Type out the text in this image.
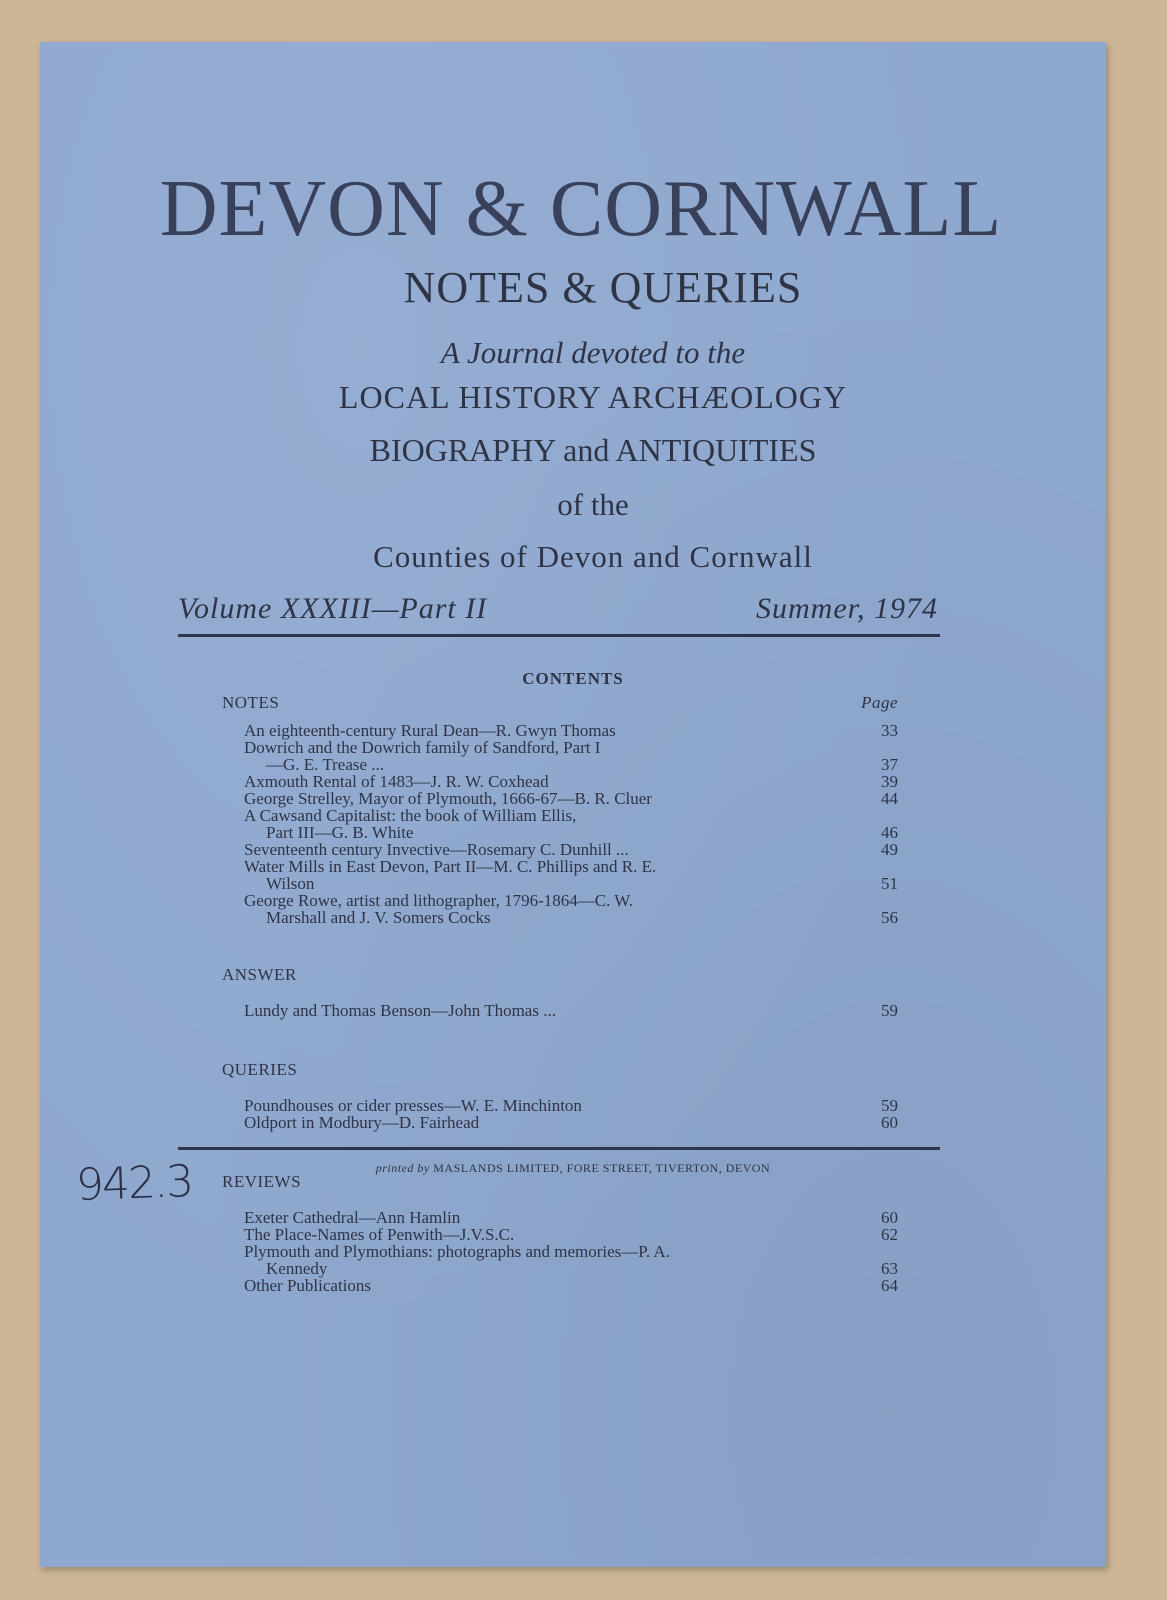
DEVON & CORNWALL
NOTES & QUERIES
A Journal devoted to the
LOCAL HISTORY ARCHÆOLOGY
BIOGRAPHY and ANTIQUITIES
of the
Counties of Devon and Cornwall
Volume XXXIII—Part II	Summer, 1974
CONTENTS
NOTES	Page
An eighteenth-century Rural Dean—R. Gwyn Thomas	33
Dowrich and the Dowrich family of Sandford, Part I
—G. E. Trease ...	37
Axmouth Rental of 1483—J. R. W. Coxhead	39
George Strelley, Mayor of Plymouth, 1666-67—B. R. Cluer	44
A Cawsand Capitalist: the book of William Ellis,
Part III—G. B. White	46
Seventeenth century Invective—Rosemary C. Dunhill ...	49
Water Mills in East Devon, Part II—M. C. Phillips and R. E.
Wilson	51
George Rowe, artist and lithographer, 1796-1864—C. W.
Marshall and J. V. Somers Cocks	56
ANSWER
Lundy and Thomas Benson—John Thomas ...	59
QUERIES
Poundhouses or cider presses—W. E. Minchinton	59
Oldport in Modbury—D. Fairhead	60
REVIEWS
Exeter Cathedral—Ann Hamlin	60
The Place-Names of Penwith—J.V.S.C.	62
Plymouth and Plymothians: photographs and memories—P. A.
Kennedy	63
Other Publications	64
printed by MASLANDS LIMITED, FORE STREET, TIVERTON, DEVON
942.3
